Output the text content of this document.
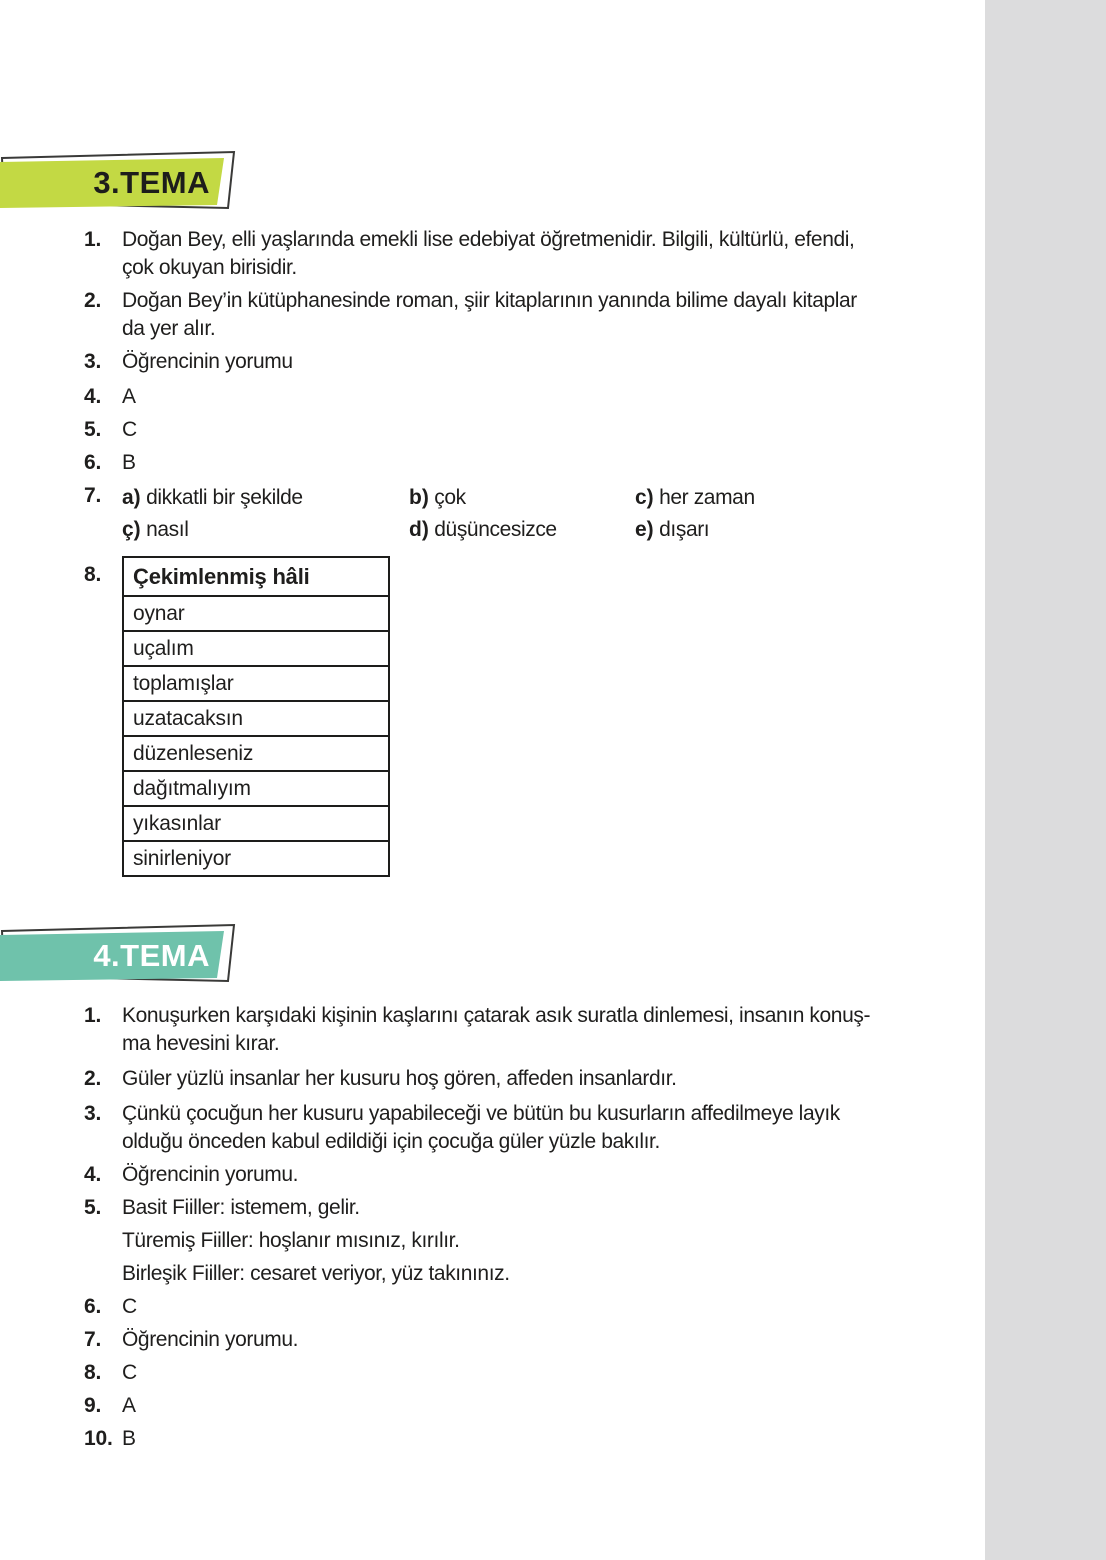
3.TEMA
1. Doğan Bey, elli yaşlarında emekli lise edebiyat öğretmenidir. Bilgili, kültürlü, efendi,
çok okuyan birisidir.
2. Doğan Bey’in kütüphanesinde roman, şiir kitaplarının yanında bilime dayalı kitaplar
da yer alır.
3. Öğrencinin yorumu
4. A
5. C
6. B
7. a) dikkatli bir şekilde	b) çok	c) her zaman
ç) nasıl	d) düşüncesizce	e) dışarı
8.	Çekimlenmiş hâli
oynar
uçalım
toplamışlar
uzatacaksın
düzenleseniz
dağıtmalıyım
yıkasınlar
sinirleniyor
4.TEMA
1. Konuşurken karşıdaki kişinin kaşlarını çatarak asık suratla dinlemesi, insanın konuş-
ma hevesini kırar.
2. Güler yüzlü insanlar her kusuru hoş gören, affeden insanlardır.
3. Çünkü çocuğun her kusuru yapabileceği ve bütün bu kusurların affedilmeye layık
olduğu önceden kabul edildiği için çocuğa güler yüzle bakılır.
4. Öğrencinin yorumu.
5. Basit Fiiller: istemem, gelir.
Türemiş Fiiller: hoşlanır mısınız, kırılır.
Birleşik Fiiller: cesaret veriyor, yüz takınınız.
6. C
7. Öğrencinin yorumu.
8. C
9. A
10. B
